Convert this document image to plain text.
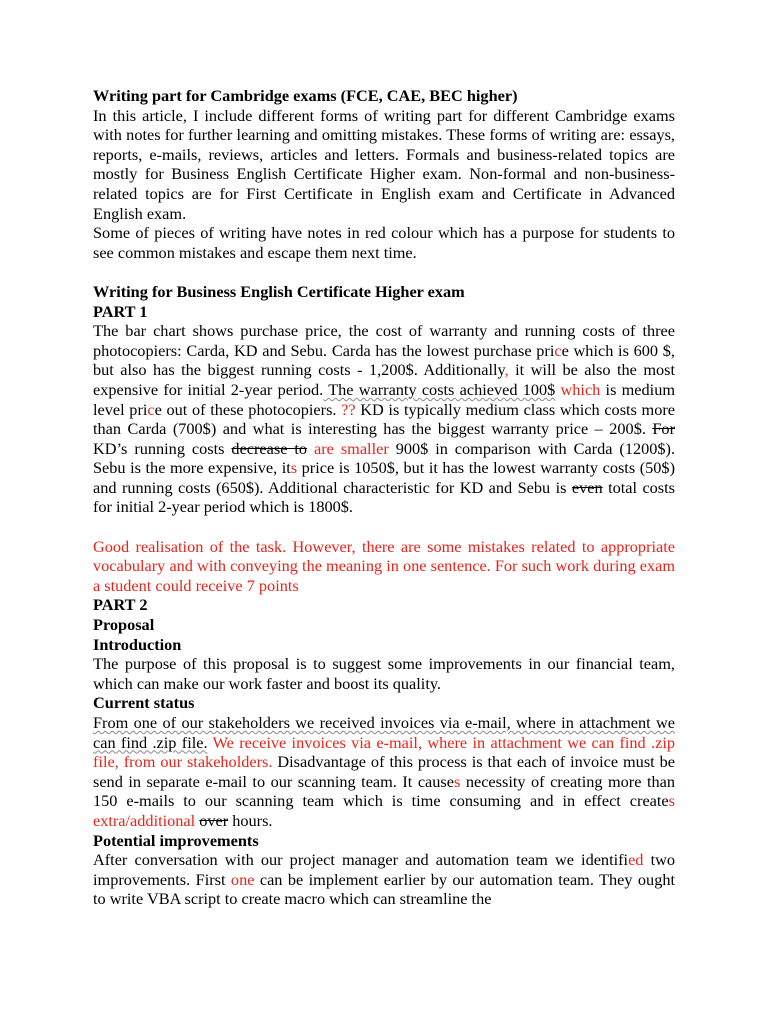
Writing part for Cambridge exams (FCE, CAE, BEC higher)

In this article, I include different forms of writing part for different Cambridge exams with notes for further learning and omitting mistakes. These forms of writing are: essays, reports, e-mails, reviews, articles and letters. Formals and business-related topics are mostly for Business English Certificate Higher exam. Non-formal and non-business-related topics are for First Certificate in English exam and Certificate in Advanced English exam.

Some of pieces of writing have notes in red colour which has a purpose for students to see common mistakes and escape them next time.

Writing for Business English Certificate Higher exam

PART 1

The bar chart shows purchase price, the cost of warranty and running costs of three photocopiers: Carda, KD and Sebu. Carda has the lowest purchase price which is 600 $, but also has the biggest running costs - 1,200$. Additionally, it will be also the most expensive for initial 2-year period. The warranty costs achieved 100$ which is medium level price out of these photocopiers. ?? KD is typically medium class which costs more than Carda (700$) and what is interesting has the biggest warranty price – 200$. For KD’s running costs decrease to are smaller 900$ in comparison with Carda (1200$). Sebu is the more expensive, its price is 1050$, but it has the lowest warranty costs (50$) and running costs (650$). Additional characteristic for KD and Sebu is even total costs for initial 2-year period which is 1800$.

Good realisation of the task. However, there are some mistakes related to appropriate vocabulary and with conveying the meaning in one sentence. For such work during exam a student could receive 7 points

PART 2

Proposal

Introduction

The purpose of this proposal is to suggest some improvements in our financial team, which can make our work faster and boost its quality.

Current status

From one of our stakeholders we received invoices via e-mail, where in attachment we can find .zip file. We receive invoices via e-mail, where in attachment we can find .zip file, from our stakeholders. Disadvantage of this process is that each of invoice must be send in separate e-mail to our scanning team. It causes necessity of creating more than 150 e-mails to our scanning team which is time consuming and in effect creates extra/additional over hours.

Potential improvements

After conversation with our project manager and automation team we identified two improvements. First one can be implement earlier by our automation team. They ought to write VBA script to create macro which can streamline the
